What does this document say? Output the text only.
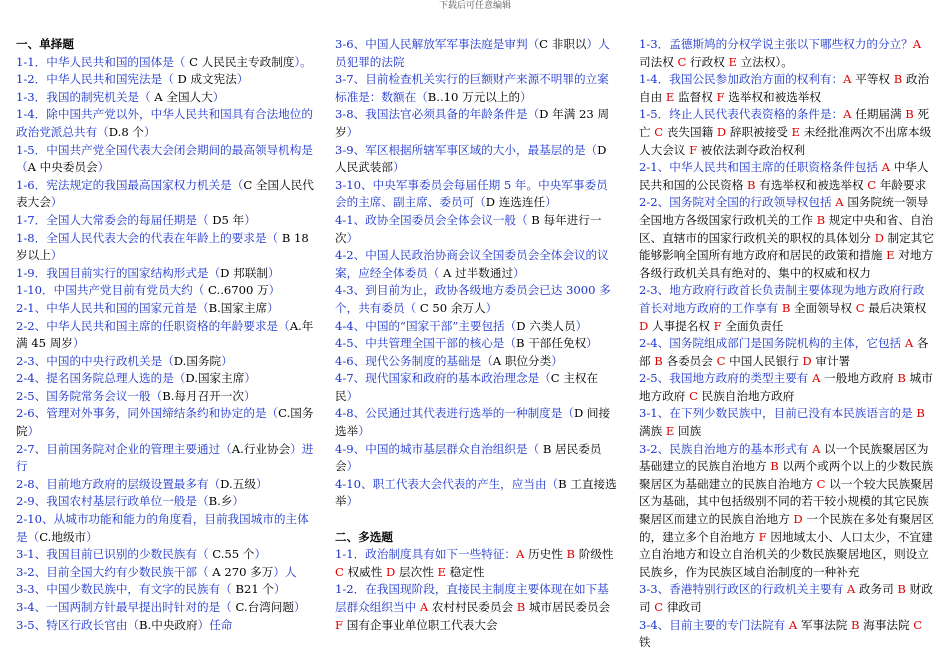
下载后可任意编辑
一、单择题
1-1．中华人民共和国的国体是（ C 人民民主专政制度）。
1-2．中华人民共和国宪法是（ D 成文宪法）
1-3．我国的制宪机关是（ A 全国人大）
1-4．除中国共产党以外，中华人民共和国具有合法地位的政治党派总共有（D.8 个）
1-5．中国共产党全国代表大会闭会期间的最高领导机构是（A 中央委员会）
1-6．宪法规定的我国最高国家权力机关是（C 全国人民代表大会）
1-7．全国人大常委会的每届任期是（ D5 年）
1-8．全国人民代表大会的代表在年龄上的要求是（ B 18 岁以上）
1-9．我国目前实行的国家结构形式是（D 邦联制）
1-10．中国共产党目前有党员大约（ C..6700 万）
2-1、中华人民共和国的国家元首是（B.国家主席）
2-2、中华人民共和国主席的任职资格的年龄要求是（A.年满 45 周岁）
2-3、中国的中央行政机关是（D.国务院）
2-4、提名国务院总理人选的是（D.国家主席）
2-5、国务院常务会议一般（B.每月召开一次）
2-6、管理对外事务，同外国缔结条约和协定的是（C.国务院）
2-7、目前国务院对企业的管理主要通过（A.行业协会）进行
2-8、目前地方政府的层级设置最多有（D.五级）
2-9、我国农村基层行政单位一般是（B.乡）
2-10、从城市功能和能力的角度看，目前我国城市的主体是（C.地级市）
3-1、我国目前已识别的少数民族有（ C.55 个）
3-2、目前全国大约有少数民族干部（ A 270 多万）人
3-3、中国少数民族中，有文字的民族有（ B21 个）
3-4、一国两制方针最早提出时针对的是（ C.台湾问题）
3-5、特区行政长官由（B.中央政府）任命
3-6、中国人民解放军军事法庭是审判（C 非职以）人员犯罪的法院
3-7、目前检查机关实行的巨额财产来源不明罪的立案标准是：数额在（B..10 万元以上的）
3-8、我国法官必须具备的年龄条件是（D 年满 23 周岁）
3-9、军区根据所辖军事区域的大小，最基层的是（D 人民武装部）
3-10、中央军事委员会每届任期 5 年。中央军事委员会的主席、副主席、委员可（D 连选连任）
4-1、政协全国委员会全体会议一般（ B 每年进行一次）
4-2、中国人民政治协商会议全国委员会全体会议的议案，应经全体委员（ A 过半数通过）
4-3、到目前为止，政协各级地方委员会已达 3000 多个，共有委员（ C 50 余万人）
4-4、中国的“国家干部”主要包括（D 六类人员）
4-5、中共管理全国干部的核心是（B 干部任免权）
4-6、现代公务制度的基础是（A 职位分类）
4-7、现代国家和政府的基本政治理念是（C 主权在民）
4-8、公民通过其代表进行选举的一种制度是（D 间接选举）
4-9、中国的城市基层群众自治组织是（ B 居民委员会）
4-10、职工代表大会代表的产生，应当由（B 工直接选举）
二、多选题
1-1．政治制度具有如下一些特征：A 历史性 B 阶级性 C 权威性 D 层次性 E 稳定性
1-2．在我国现阶段，直接民主制度主要体现在如下基层群众组织当中 A 农村村民委员会 B 城市居民委员会 F 国有企事业单位职工代表大会
1-3．孟德斯鸠的分权学说主张以下哪些权力的分立？A 司法权 C 行政权 E 立法权）。
1-4．我国公民参加政治方面的权利有：A 平等权 B 政治自由 E 监督权 F 选举权和被选举权
1-5．终止人民代表代表资格的条件是：A 任期届满 B 死亡 C 丧失国籍 D 辞职被接受 E 未经批准两次不出席本级人大会议 F 被依法剥夺政治权利
2-1、中华人民共和国主席的任职资格条件包括 A 中华人民共和国的公民资格 B 有选举权和被选举权 C 年龄要求
2-2、国务院对全国的行政领导权包括 A 国务院统一领导全国地方各级国家行政机关的工作 B 规定中央和省、自治区、直辖市的国家行政机关的职权的具体划分 D 制定其它能够影响全国所有地方政府和居民的政策和措施 E 对地方各级行政机关具有绝对的、集中的权威和权力
2-3、地方政府行政首长负责制主要体现为地方政府行政首长对地方政府的工作享有 B 全面领导权 C 最后决策权 D 人事提名权 F 全面负责任
2-4、国务院组成部门是国务院机构的主体，它包括 A 各部 B 各委员会 C 中国人民银行 D 审计署
2-5、我国地方政府的类型主要有 A 一般地方政府 B 城市地方政府 C 民族自治地方政府
3-1、在下列少数民族中，目前已没有本民族语言的是 B 满族 E 回族
3-2、民族自治地方的基本形式有 A 以一个民族聚居区为基础建立的民族自治地方 B 以两个或两个以上的少数民族聚居区为基础建立的民族自治地方 C 以一个较大民族聚居区为基础，其中包括级别不同的若干较小规模的其它民族聚居区而建立的民族自治地方 D 一个民族在多处有聚居区的，建立多个自治地方 F 因地域太小、人口太少，不宜建立自治地方和设立自治机关的少数民族聚居地区，则设立民族乡，作为民族区域自治制度的一种补充
3-3、香港特别行政区的行政机关主要有 A 政务司 B 财政司 C 律政司
3-4、目前主要的专门法院有 A 军事法院 B 海事法院 C 铁
